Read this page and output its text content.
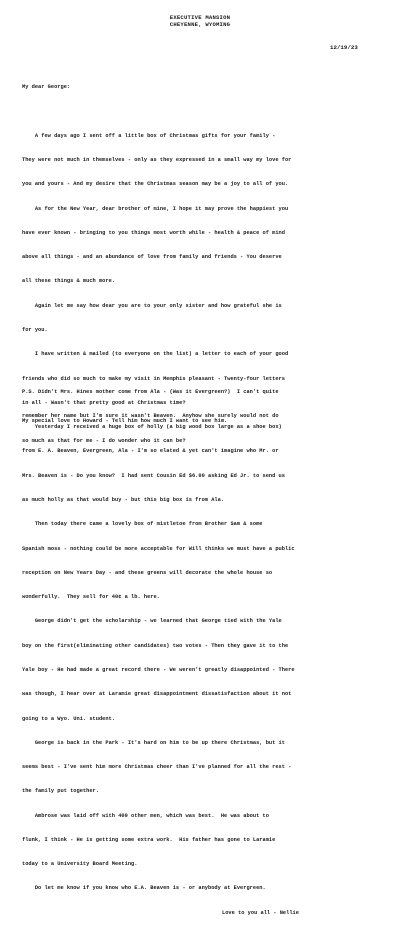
EXECUTIVE MANSION
CHEYENNE, WYOMING
12/19/23

My dear George:

A few days ago I sent off a little box of Christmas gifts for your family -

They were not much in themselves - only as they expressed in a small way my love for

you and yours - And my desire that the Christmas season may be a joy to all of you.

As for the New Year, dear brother of mine, I hope it may prove the happiest you

have ever known - bringing to you things most worth while - health & peace of mind

above all things - and an abundance of love from family and friends - You deserve

all these things & much more.

Again let me say how dear you are to your only sister and how grateful she is

for you.

I have written & mailed (to everyone on the list) a letter to each of your good

friends who did so much to make my visit in Memphis pleasant - Twenty-four letters

in all - Wasn't that pretty good at Christmas time?

Yesterday I received a huge box of holly (a big wood box large as a shoe box)

from E. A. Beaven, Evergreen, Ala - I'm so elated & yet can't imagine who Mr. or

Mrs. Beaven is - Do you know?  I had sent Cousin Ed $6.00 asking Ed Jr. to send us

as much holly as that would buy - but this big box is from Ala.

Then today there came a lovely box of mistletoe from Brother Sam & some

Spanish moss - nothing could be more acceptable for Will thinks we must have a public

reception on New Years Day - and these greens will decorate the whole house so

wonderfully.  They sell for 40¢ a lb. here.

George didn't get the scholarship - we learned that George tied with the Yale

boy on the first(eliminating other candidates) two votes - Then they gave it to the

Yale boy - He had made a great record there - We weren't greatly disappointed - There

was though, I hear over at Laramie great disappointment dissatisfaction about it not

going to a Wyo. Uni. student.

George is back in the Park - It's hard on him to be up there Christmas, but it

seems best - I've sent him more Christmas cheer than I've planned for all the rest -

the family put together.

Ambrose was laid off with 400 other men, which was best.  He was about to

flunk, I think - He is getting some extra work.  His father has gone to Laramie

today to a University Board Meeting.

Do let me know if you know who E.A. Beaven is - or anybody at Evergreen.

Love to you all - Nellie

P.S. Didn't Mrs. Hines mother come from Ala - (Was it Evergreen?)  I can't quite

remember her name but I'm sure it wasn't Beaven.  Anyhow she surely would not do

so much as that for me - I do wonder who it can be?

My special love to Howard - Tell him how much I want to see him.
